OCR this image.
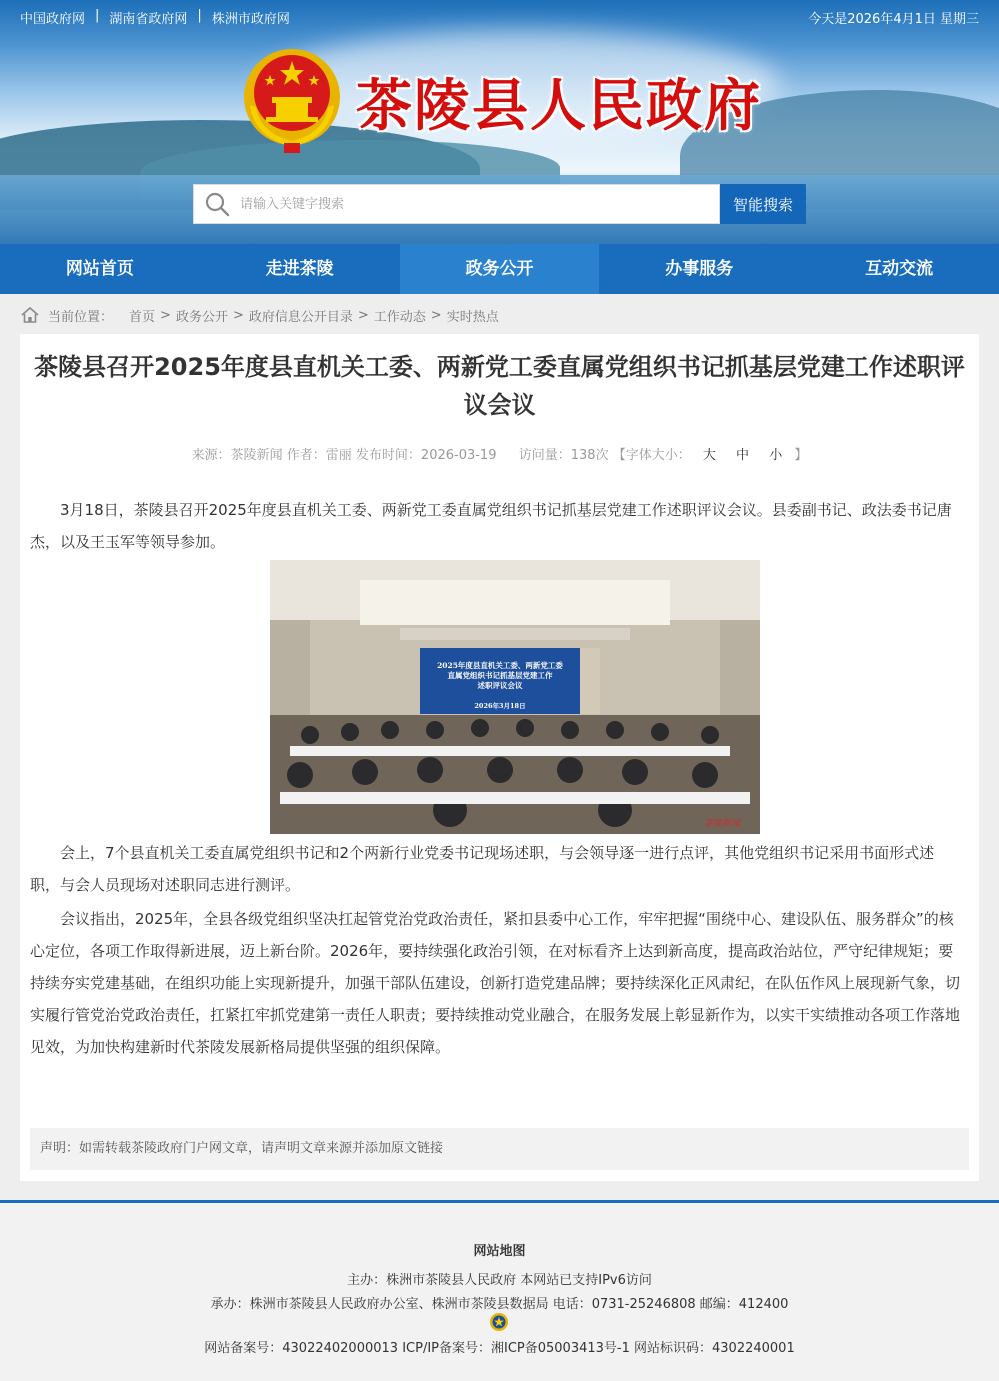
中国政府网 | 湖南省政府网 | 株洲市政府网	今天是2026年4月1日 星期三
茶陵县人民政府
请输入关键字搜索
智能搜索
网站首页	走进茶陵	政务公开	办事服务	互动交流
当前位置： 首页 > 政务公开 > 政府信息公开目录 > 工作动态 > 实时热点
茶陵县召开2025年度县直机关工委、两新党工委直属党组织书记抓基层党建工作述职评议会议
来源：茶陵新闻 作者：雷丽 发布时间：2026-03-19 访问量：138次 【字体大小： 大 中 小 】

3月18日，茶陵县召开2025年度县直机关工委、两新党工委直属党组织书记抓基层党建工作述职评议会议。县委副书记、政法委书记唐杰，以及王玉军等领导参加。

2025年度县直机关工委、两新党工委
直属党组织书记抓基层党建工作
述职评议会议
2026年3月18日
茶陵新闻

会上，7个县直机关工委直属党组织书记和2个两新行业党委书记现场述职，与会领导逐一进行点评，其他党组织书记采用书面形式述职，与会人员现场对述职同志进行测评。

会议指出，2025年，全县各级党组织坚决扛起管党治党政治责任，紧扣县委中心工作，牢牢把握“围绕中心、建设队伍、服务群众”的核心定位，各项工作取得新进展，迈上新台阶。2026年，要持续强化政治引领，在对标看齐上达到新高度，提高政治站位，严守纪律规矩；要持续夯实党建基础，在组织功能上实现新提升，加强干部队伍建设，创新打造党建品牌；要持续深化正风肃纪，在队伍作风上展现新气象，切实履行管党治党政治责任，扛紧扛牢抓党建第一责任人职责；要持续推动党业融合，在服务发展上彰显新作为，以实干实绩推动各项工作落地见效，为加快构建新时代茶陵发展新格局提供坚强的组织保障。

声明：如需转载茶陵政府门户网文章，请声明文章来源并添加原文链接
网站地图
主办：株洲市茶陵县人民政府 本网站已支持IPv6访问
承办：株洲市茶陵县人民政府办公室、株洲市茶陵县数据局 电话：0731-25246808 邮编：412400
网站备案号：43022402000013 ICP/IP备案号：湘ICP备05003413号-1 网站标识码：4302240001
